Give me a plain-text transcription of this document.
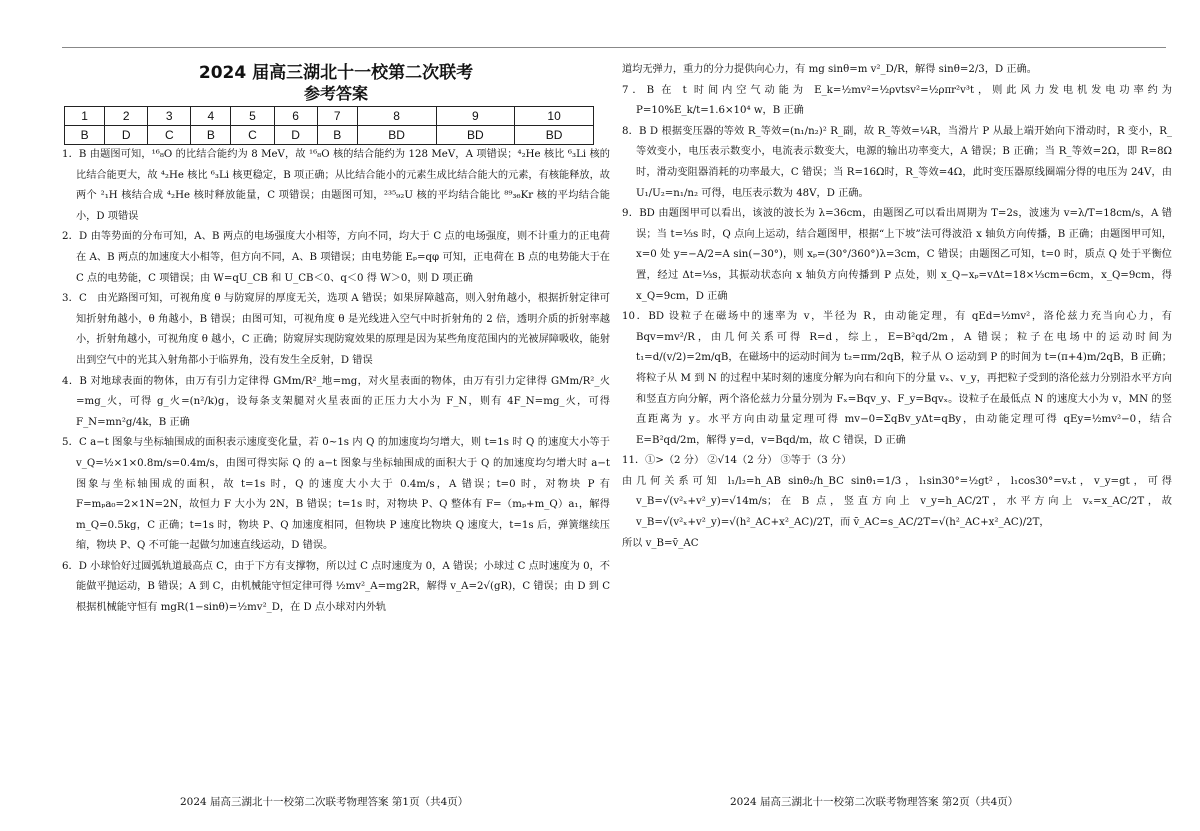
2024 届高三湖北十一校第二次联考
参考答案
1	2	3	4	5	6	7	8	9	10
B	D	C	B	C	D	B	BD	BD	BD

1．B 由题图可知，¹⁶₈O 的比结合能约为 8 MeV，故 ¹⁶₈O 核的结合能约为 128 MeV，A 项错误；⁴₂He 核比 ⁶₃Li 核的比结合能更大，故 ⁴₂He 核比 ⁶₃Li 核更稳定，B 项正确；从比结合能小的元素生成比结合能大的元素，有核能释放，故两个 ²₁H 核结合成 ⁴₂He 核时释放能量，C 项错误；由题图可知，²³⁵₉₂U 核的平均结合能比 ⁸⁹₃₆Kr 核的平均结合能小，D 项错误

2．D 由等势面的分布可知，A、B 两点的电场强度大小相等，方向不同，均大于 C 点的电场强度，则不计重力的正电荷在 A、B 两点的加速度大小相等，但方向不同，A、B 项错误；由电势能 Eₚ=qφ 可知，正电荷在 B 点的电势能大于在 C 点的电势能，C 项错误；由 W=qU_CB 和 U_CB＜0、q＜0 得 W＞0，则 D 项正确

3．C　由光路图可知，可视角度 θ 与防窥屏的厚度无关，选项 A 错误；如果屏障越高，则入射角越小，根据折射定律可知折射角越小，θ 角越小，B 错误；由图可知，可视角度 θ 是光线进入空气中时折射角的 2 倍，透明介质的折射率越小，折射角越小，可视角度 θ 越小，C 正确；防窥屏实现防窥效果的原理是因为某些角度范围内的光被屏障吸收，能射出到空气中的光其入射角都小于临界角，没有发生全反射，D 错误

4．B 对地球表面的物体，由万有引力定律得 GMm/R²_地=mg，对火星表面的物体，由万有引力定律得 GMm/R²_火=mg_火，可得 g_火=(n²/k)g，设每条支架腿对火星表面的正压力大小为 F_N，则有 4F_N=mg_火，可得 F_N=mn²g/4k，B 正确

5．C a−t 图象与坐标轴围成的面积表示速度变化量，若 0~1s 内 Q 的加速度均匀增大，则 t=1s 时 Q 的速度大小等于 v_Q=½×1×0.8m/s=0.4m/s，由图可得实际 Q 的 a−t 图象与坐标轴围成的面积大于 Q 的加速度均匀增大时 a−t 图象与坐标轴围成的面积，故 t=1s 时，Q 的速度大小大于 0.4m/s，A 错误；t=0 时，对物块 P 有 F=mₚa₀=2×1N=2N，故恒力 F 大小为 2N，B 错误；t=1s 时，对物块 P、Q 整体有 F=（mₚ+m_Q）a₁，解得 m_Q=0.5kg，C 正确；t=1s 时，物块 P、Q 加速度相同，但物块 P 速度比物块 Q 速度大，t=1s 后，弹簧继续压缩，物块 P、Q 不可能一起做匀加速直线运动，D 错误。

6．D 小球恰好过圆弧轨道最高点 C，由于下方有支撑物，所以过 C 点时速度为 0，A 错误；小球过 C 点时速度为 0，不能做平抛运动，B 错误；A 到 C，由机械能守恒定律可得 ½mv²_A=mg2R，解得 v_A=2√(gR)，C 错误；由 D 到 C 根据机械能守恒有 mgR(1−sinθ)=½mv²_D，在 D 点小球对内外轨

道均无弹力，重力的分力提供向心力，有 mg sinθ=m v²_D/R，解得 sinθ=2/3，D 正确。

7．B 在 t 时间内空气动能为 E_k=½mv²=½ρvtsv²=½ρπr²v³t，则此风力发电机发电功率约为 P=10%E_k/t=1.6×10⁴ w，B 正确

8．B D 根据变压器的等效 R_等效=(n₁/n₂)² R_副，故 R_等效=¼R，当滑片 P 从最上端开始向下滑动时，R 变小，R_等效变小，电压表示数变小，电流表示数变大，电源的输出功率变大，A 错误；B 正确；当 R_等效=2Ω，即 R=8Ω时，滑动变阻器消耗的功率最大，C 错误；当 R=16Ω时，R_等效=4Ω，此时变压器原线圈端分得的电压为 24V，由 U₁/U₂=n₁/n₂ 可得，电压表示数为 48V，D 正确。

9．BD 由题图甲可以看出，该波的波长为 λ=36cm，由题图乙可以看出周期为 T=2s，波速为 v=λ/T=18cm/s，A 错误；当 t=⅓s 时，Q 点向上运动，结合题图甲，根据“上下坡”法可得波沿 x 轴负方向传播，B 正确；由题图甲可知，x=0 处 y=−A/2=A sin(−30°)，则 xₚ=(30°/360°)λ=3cm，C 错误；由题图乙可知，t=0 时，质点 Q 处于平衡位置，经过 Δt=⅓s，其振动状态向 x 轴负方向传播到 P 点处，则 x_Q−xₚ=vΔt=18×⅓cm=6cm，x_Q=9cm，得 x_Q=9cm，D 正确

10．BD 设粒子在磁场中的速率为 v，半径为 R，由动能定理，有 qEd=½mv²，洛伦兹力充当向心力，有 Bqv=mv²/R，由几何关系可得 R=d，综上，E=B²qd/2m，A 错误；粒子在电场中的运动时间为 t₁=d/(v/2)=2m/qB，在磁场中的运动时间为 t₂=πm/2qB，粒子从 O 运动到 P 的时间为 t=(π+4)m/2qB，B 正确；将粒子从 M 到 N 的过程中某时刻的速度分解为向右和向下的分量 vₓ、v_y，再把粒子受到的洛伦兹力分别沿水平方向和竖直方向分解，两个洛伦兹力分量分别为 Fₓ=Bqv_y、F_y=Bqvₓ。设粒子在最低点 N 的速度大小为 v，MN 的竖直距离为 y。水平方向由动量定理可得 mv−0=ΣqBv_yΔt=qBy，由动能定理可得 qEy=½mv²−0，结合 E=B²qd/2m，解得 y=d，v=Bqd/m，故 C 错误，D 正确

11．①>（2 分） ②√14（2 分） ③等于（3 分）

由几何关系可知 l₁/l₂=h_AB sinθ₂/h_BC sinθ₁=1/3，l₁sin30°=½gt²，l₁cos30°=vₓt，v_y=gt，可得 v_B=√(v²ₓ+v²_y)=√14m/s；在 B 点，竖直方向上 v_y=h_AC/2T，水平方向上 vₓ=x_AC/2T，故 v_B=√(v²ₓ+v²_y)=√(h²_AC+x²_AC)/2T，而 v̄_AC=s_AC/2T=√(h²_AC+x²_AC)/2T，

所以 v_B=v̄_AC

2024 届高三湖北十一校第二次联考物理答案 第1页（共4页）	2024 届高三湖北十一校第二次联考物理答案 第2页（共4页）
